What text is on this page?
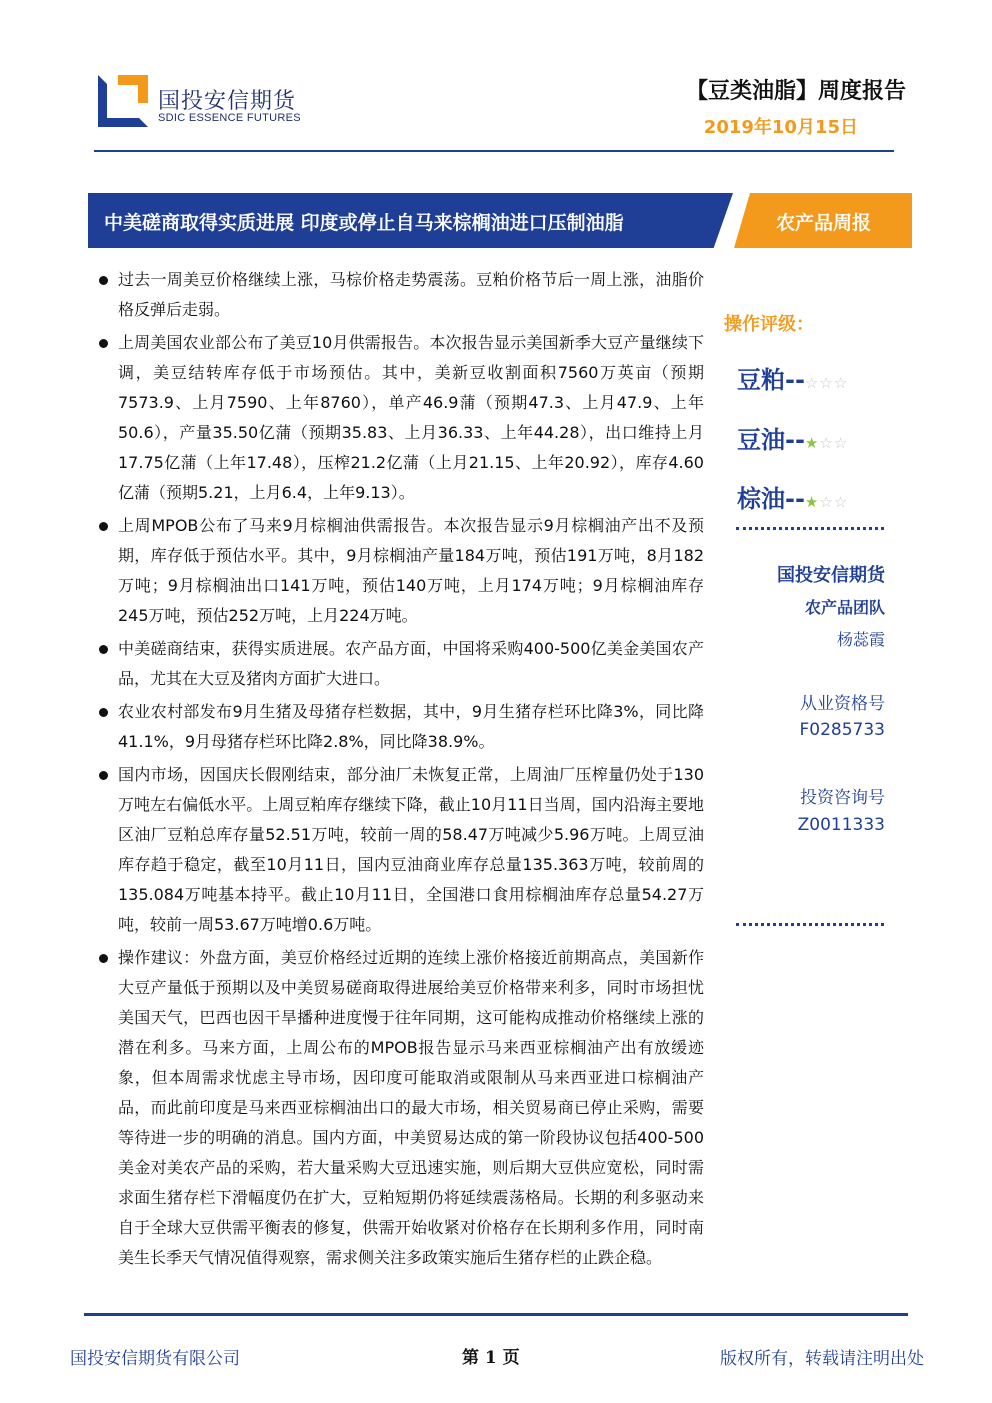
国投安信期货
SDIC ESSENCE FUTURES
【豆类油脂】周度报告
2019年10月15日
中美磋商取得实质进展 印度或停止自马来棕榈油进口压制油脂	农产品周报
过去一周美豆价格继续上涨，马棕价格走势震荡。豆粕价格节后一周上涨，油脂价格反弹后走弱。
上周美国农业部公布了美豆10月供需报告。本次报告显示美国新季大豆产量继续下调，美豆结转库存低于市场预估。其中，美新豆收割面积7560万英亩（预期7573.9、上月7590、上年8760），单产46.9蒲（预期47.3、上月47.9、上年50.6），产量35.50亿蒲（预期35.83、上月36.33、上年44.28），出口维持上月17.75亿蒲（上年17.48），压榨21.2亿蒲（上月21.15、上年20.92），库存4.60亿蒲（预期5.21，上月6.4，上年9.13）。
上周MPOB公布了马来9月棕榈油供需报告。本次报告显示9月棕榈油产出不及预期，库存低于预估水平。其中，9月棕榈油产量184万吨，预估191万吨，8月182万吨；9月棕榈油出口141万吨，预估140万吨，上月174万吨；9月棕榈油库存245万吨，预估252万吨，上月224万吨。
中美磋商结束，获得实质进展。农产品方面，中国将采购400-500亿美金美国农产品，尤其在大豆及猪肉方面扩大进口。
农业农村部发布9月生猪及母猪存栏数据，其中，9月生猪存栏环比降3%，同比降41.1%，9月母猪存栏环比降2.8%，同比降38.9%。
国内市场，因国庆长假刚结束，部分油厂未恢复正常，上周油厂压榨量仍处于130万吨左右偏低水平。上周豆粕库存继续下降，截止10月11日当周，国内沿海主要地区油厂豆粕总库存量52.51万吨，较前一周的58.47万吨减少5.96万吨。上周豆油库存趋于稳定，截至10月11日，国内豆油商业库存总量135.363万吨，较前周的135.084万吨基本持平。截止10月11日，全国港口食用棕榈油库存总量54.27万吨，较前一周53.67万吨增0.6万吨。
操作建议：外盘方面，美豆价格经过近期的连续上涨价格接近前期高点，美国新作大豆产量低于预期以及中美贸易磋商取得进展给美豆价格带来利多，同时市场担忧美国天气，巴西也因干旱播种进度慢于往年同期，这可能构成推动价格继续上涨的潜在利多。马来方面，上周公布的MPOB报告显示马来西亚棕榈油产出有放缓迹象，但本周需求忧虑主导市场，因印度可能取消或限制从马来西亚进口棕榈油产品，而此前印度是马来西亚棕榈油出口的最大市场，相关贸易商已停止采购，需要等待进一步的明确的消息。国内方面，中美贸易达成的第一阶段协议包括400-500美金对美农产品的采购，若大量采购大豆迅速实施，则后期大豆供应宽松，同时需求面生猪存栏下滑幅度仍在扩大，豆粕短期仍将延续震荡格局。长期的利多驱动来自于全球大豆供需平衡表的修复，供需开始收紧对价格存在长期利多作用，同时南美生长季天气情况值得观察，需求侧关注多政策实施后生猪存栏的止跌企稳。
操作评级：
豆粕--☆☆☆
豆油--★☆☆
棕油--★☆☆
国投安信期货
农产品团队
杨蕊霞
从业资格号
F0285733
投资咨询号
Z0011333
国投安信期货有限公司	第 1 页	版权所有，转载请注明出处
